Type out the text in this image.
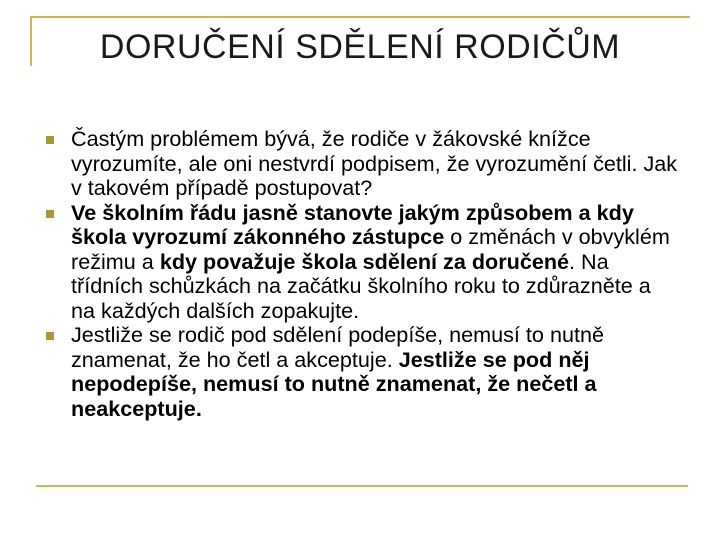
DORUČENÍ SDĚLENÍ RODIČŮM
Častým problémem bývá, že rodiče v žákovské knížce vyrozumíte, ale oni nestvrdí podpisem, že vyrozumění četli. Jak v takovém případě postupovat?
Ve školním řádu jasně stanovte jakým způsobem a kdy škola vyrozumí zákonného zástupce o změnách v obvyklém režimu a kdy považuje škola sdělení za doručené. Na třídních schůzkách na začátku školního roku to zdůrazněte a na každých dalších zopakujte.
Jestliže se rodič pod sdělení podepíše, nemusí to nutně znamenat, že ho četl a akceptuje. Jestliže se pod něj nepodepíše, nemusí to nutně znamenat, že nečetl a neakceptuje.
